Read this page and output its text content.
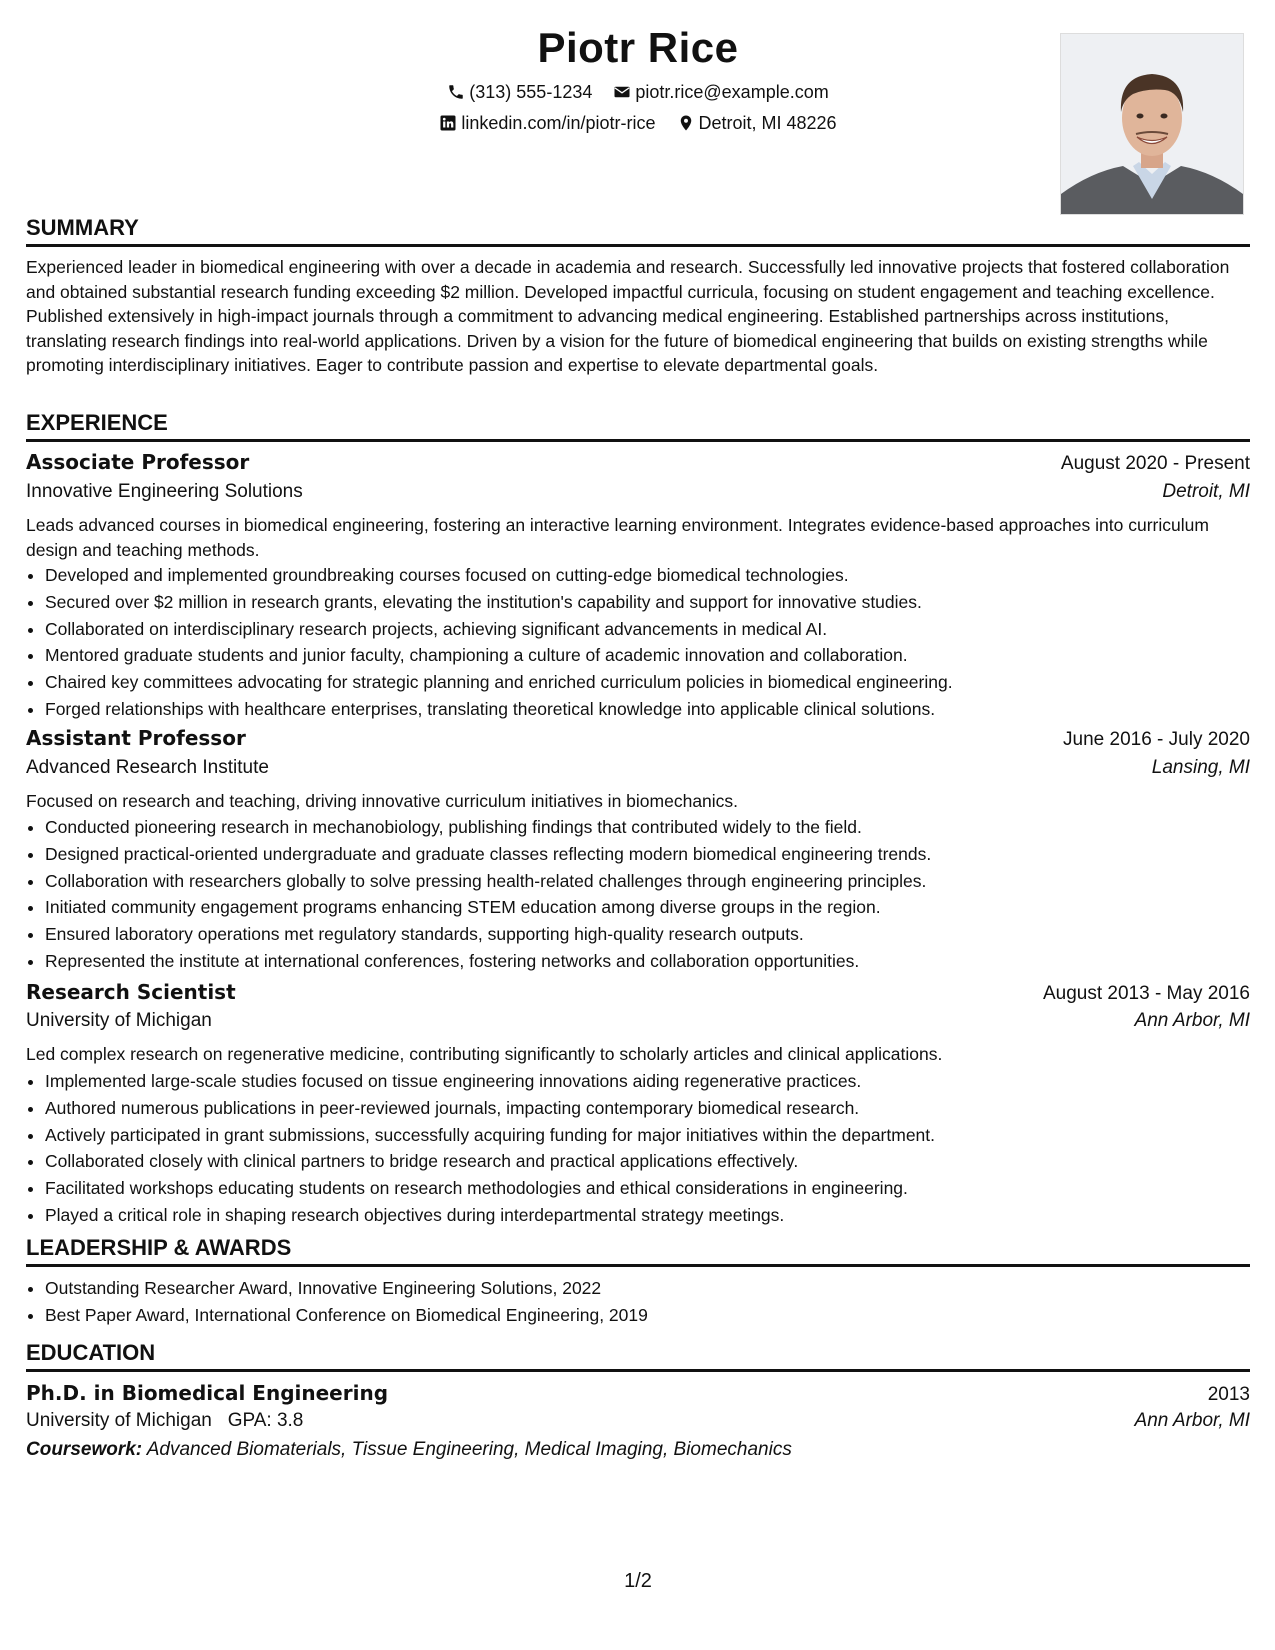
Piotr Rice
(313) 555-1234
piotr.rice@example.com
linkedin.com/in/piotr-rice
Detroit, MI 48226
SUMMARY
Experienced leader in biomedical engineering with over a decade in academia and research. Successfully led innovative projects that fostered collaboration and obtained substantial research funding exceeding $2 million. Developed impactful curricula, focusing on student engagement and teaching excellence. Published extensively in high-impact journals through a commitment to advancing medical engineering. Established partnerships across institutions, translating research findings into real-world applications. Driven by a vision for the future of biomedical engineering that builds on existing strengths while promoting interdisciplinary initiatives. Eager to contribute passion and expertise to elevate departmental goals.
EXPERIENCE
Associate Professor	August 2020 - Present
Innovative Engineering Solutions	Detroit, MI
Leads advanced courses in biomedical engineering, fostering an interactive learning environment. Integrates evidence-based approaches into curriculum design and teaching methods.
• Developed and implemented groundbreaking courses focused on cutting-edge biomedical technologies.
• Secured over $2 million in research grants, elevating the institution's capability and support for innovative studies.
• Collaborated on interdisciplinary research projects, achieving significant advancements in medical AI.
• Mentored graduate students and junior faculty, championing a culture of academic innovation and collaboration.
• Chaired key committees advocating for strategic planning and enriched curriculum policies in biomedical engineering.
• Forged relationships with healthcare enterprises, translating theoretical knowledge into applicable clinical solutions.
Assistant Professor	June 2016 - July 2020
Advanced Research Institute	Lansing, MI
Focused on research and teaching, driving innovative curriculum initiatives in biomechanics.
• Conducted pioneering research in mechanobiology, publishing findings that contributed widely to the field.
• Designed practical-oriented undergraduate and graduate classes reflecting modern biomedical engineering trends.
• Collaboration with researchers globally to solve pressing health-related challenges through engineering principles.
• Initiated community engagement programs enhancing STEM education among diverse groups in the region.
• Ensured laboratory operations met regulatory standards, supporting high-quality research outputs.
• Represented the institute at international conferences, fostering networks and collaboration opportunities.
Research Scientist	August 2013 - May 2016
University of Michigan	Ann Arbor, MI
Led complex research on regenerative medicine, contributing significantly to scholarly articles and clinical applications.
• Implemented large-scale studies focused on tissue engineering innovations aiding regenerative practices.
• Authored numerous publications in peer-reviewed journals, impacting contemporary biomedical research.
• Actively participated in grant submissions, successfully acquiring funding for major initiatives within the department.
• Collaborated closely with clinical partners to bridge research and practical applications effectively.
• Facilitated workshops educating students on research methodologies and ethical considerations in engineering.
• Played a critical role in shaping research objectives during interdepartmental strategy meetings.
LEADERSHIP & AWARDS
• Outstanding Researcher Award, Innovative Engineering Solutions, 2022
• Best Paper Award, International Conference on Biomedical Engineering, 2019
EDUCATION
Ph.D. in Biomedical Engineering	2013
University of Michigan GPA: 3.8	Ann Arbor, MI
Coursework: Advanced Biomaterials, Tissue Engineering, Medical Imaging, Biomechanics
1/2
